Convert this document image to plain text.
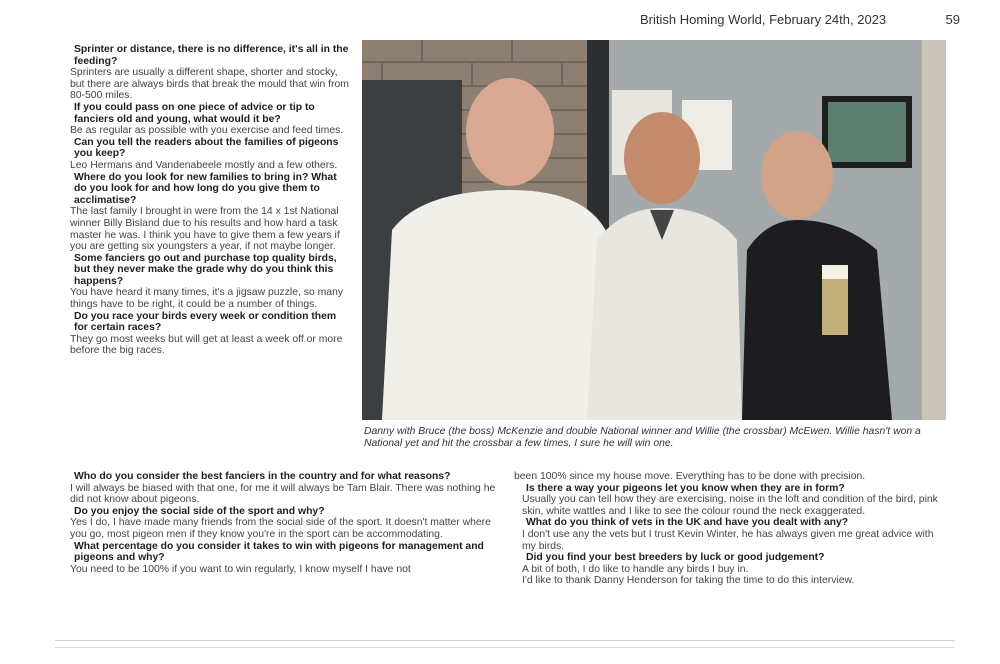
British Homing World, February 24th, 2023	59

Sprinter or distance, there is no difference, it's all in the feeding?

Sprinters are usually a different shape, shorter and stocky, but there are always birds that break the mould that win from 80-500 miles.

If you could pass on one piece of advice or tip to fanciers old and young, what would it be?

Be as regular as possible with you exercise and feed times.

Can you tell the readers about the families of pigeons you keep?

Leo Hermans and Vandenabeele mostly and a few others.

Where do you look for new families to bring in? What do you look for and how long do you give them to acclimatise?

The last family I brought in were from the 14 x 1st National winner Billy Bisland due to his results and how hard a task master he was. I think you have to give them a few years if you are getting six youngsters a year, if not maybe longer.

Some fanciers go out and purchase top quality birds, but they never make the grade why do you think this happens?

You have heard it many times, it's a jigsaw puzzle, so many things have to be right, it could be a number of things.

Do you race your birds every week or condition them for certain races?

They go most weeks but will get at least a week off or more before the big races.

Danny with Bruce (the boss) McKenzie and double National winner and Willie (the crossbar) McEwen. Willie hasn't won a National yet and hit the crossbar a few times, I sure he will win one.

Who do you consider the best fanciers in the country and for what reasons?

I will always be biased with that one, for me it will always be Tam Blair. There was nothing he did not know about pigeons.

Do you enjoy the social side of the sport and why?

Yes I do, I have made many friends from the social side of the sport. It doesn't matter where you go, most pigeon men if they know you're in the sport can be accommodating.

What percentage do you consider it takes to win with pigeons for management and pigeons and why?

You need to be 100% if you want to win regularly, I know myself I have not

been 100% since my house move. Everything has to be done with precision.

Is there a way your pigeons let you know when they are in form?

Usually you can tell how they are exercising, noise in the loft and condition of the bird, pink skin, white wattles and I like to see the colour round the neck exaggerated.

What do you think of vets in the UK and have you dealt with any?

I don't use any the vets but I trust Kevin Winter, he has always given me great advice with my birds.

Did you find your best breeders by luck or good judgement?

A bit of both, I do like to handle any birds I buy in.

I'd like to thank Danny Henderson for taking the time to do this interview.
